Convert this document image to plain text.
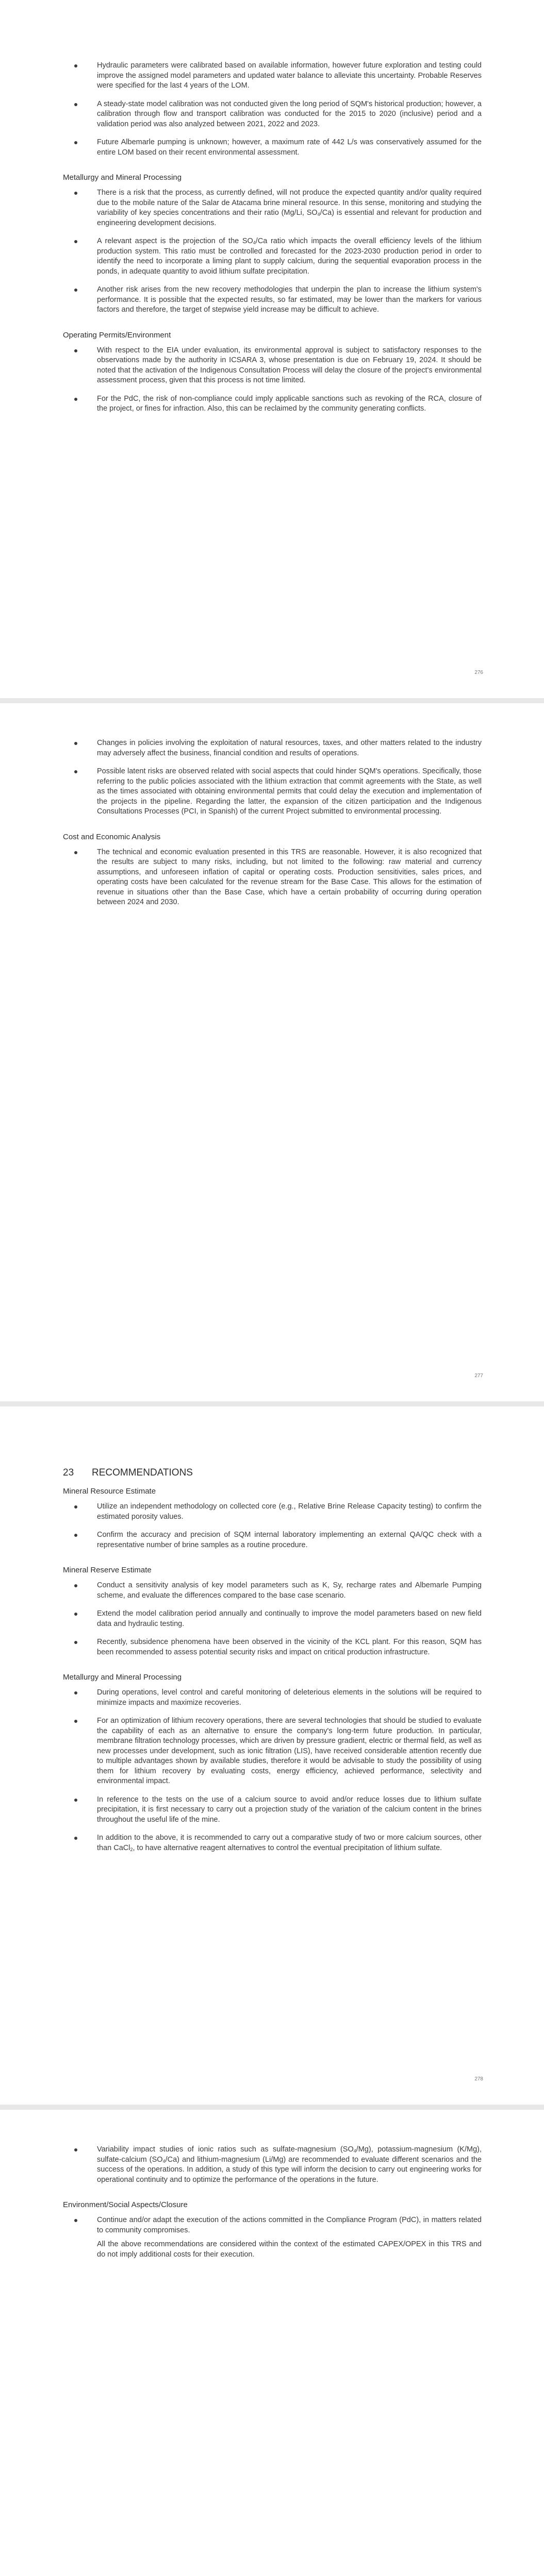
Hydraulic parameters were calibrated based on available information, however future exploration and testing could improve the assigned model parameters and updated water balance to alleviate this uncertainty. Probable Reserves were specified for the last 4 years of the LOM.
A steady-state model calibration was not conducted given the long period of SQM's historical production; however, a calibration through flow and transport calibration was conducted for the 2015 to 2020 (inclusive) period and a validation period was also analyzed between 2021, 2022 and 2023.
Future Albemarle pumping is unknown; however, a maximum rate of 442 L/s was conservatively assumed for the entire LOM based on their recent environmental assessment.
Metallurgy and Mineral Processing
There is a risk that the process, as currently defined, will not produce the expected quantity and/or quality required due to the mobile nature of the Salar de Atacama brine mineral resource. In this sense, monitoring and studying the variability of key species concentrations and their ratio (Mg/Li, $SO_4/Ca$) is essential and relevant for production and engineering development decisions.
A relevant aspect is the projection of the $SO_4/Ca$ ratio which impacts the overall efficiency levels of the lithium production system. This ratio must be controlled and forecasted for the 2023-2030 production period in order to identify the need to incorporate a liming plant to supply calcium, during the sequential evaporation process in the ponds, in adequate quantity to avoid lithium sulfate precipitation.
Another risk arises from the new recovery methodologies that underpin the plan to increase the lithium system's performance. It is possible that the expected results, so far estimated, may be lower than the markers for various factors and therefore, the target of stepwise yield increase may be difficult to achieve.
Operating Permits/Environment
With respect to the EIA under evaluation, its environmental approval is subject to satisfactory responses to the observations made by the authority in ICSARA 3, whose presentation is due on February 19, 2024. It should be noted that the activation of the Indigenous Consultation Process will delay the closure of the project's environmental assessment process, given that this process is not time limited.
For the PdC, the risk of non-compliance could imply applicable sanctions such as revoking of the RCA, closure of the project, or fines for infraction. Also, this can be reclaimed by the community generating conflicts.
276
Changes in policies involving the exploitation of natural resources, taxes, and other matters related to the industry may adversely affect the business, financial condition and results of operations.
Possible latent risks are observed related with social aspects that could hinder SQM's operations. Specifically, those referring to the public policies associated with the lithium extraction that commit agreements with the State, as well as the times associated with obtaining environmental permits that could delay the execution and implementation of the projects in the pipeline. Regarding the latter, the expansion of the citizen participation and the Indigenous Consultations Processes (PCI, in Spanish) of the current Project submitted to environmental processing.
Cost and Economic Analysis
The technical and economic evaluation presented in this TRS are reasonable. However, it is also recognized that the results are subject to many risks, including, but not limited to the following: raw material and currency assumptions, and unforeseen inflation of capital or operating costs. Production sensitivities, sales prices, and operating costs have been calculated for the revenue stream for the Base Case. This allows for the estimation of revenue in situations other than the Base Case, which have a certain probability of occurring during operation between 2024 and 2030.
277
23 RECOMMENDATIONS
Mineral Resource Estimate
Utilize an independent methodology on collected core (e.g., Relative Brine Release Capacity testing) to confirm the estimated porosity values.
Confirm the accuracy and precision of SQM internal laboratory implementing an external QA/QC check with a representative number of brine samples as a routine procedure.
Mineral Reserve Estimate
Conduct a sensitivity analysis of key model parameters such as K, Sy, recharge rates and Albemarle Pumping scheme, and evaluate the differences compared to the base case scenario.
Extend the model calibration period annually and continually to improve the model parameters based on new field data and hydraulic testing.
Recently, subsidence phenomena have been observed in the vicinity of the KCL plant. For this reason, SQM has been recommended to assess potential security risks and impact on critical production infrastructure.
Metallurgy and Mineral Processing
During operations, level control and careful monitoring of deleterious elements in the solutions will be required to minimize impacts and maximize recoveries.
For an optimization of lithium recovery operations, there are several technologies that should be studied to evaluate the capability of each as an alternative to ensure the company's long-term future production. In particular, membrane filtration technology processes, which are driven by pressure gradient, electric or thermal field, as well as new processes under development, such as ionic filtration (LIS), have received considerable attention recently due to multiple advantages shown by available studies, therefore it would be advisable to study the possibility of using them for lithium recovery by evaluating costs, energy efficiency, achieved performance, selectivity and environmental impact.
In reference to the tests on the use of a calcium source to avoid and/or reduce losses due to lithium sulfate precipitation, it is first necessary to carry out a projection study of the variation of the calcium content in the brines throughout the useful life of the mine.
In addition to the above, it is recommended to carry out a comparative study of two or more calcium sources, other than CaCl$_2$, to have alternative reagent alternatives to control the eventual precipitation of lithium sulfate.
278
Variability impact studies of ionic ratios such as sulfate-magnesium $(SO_4/Mg)$, potassium-magnesium (K/Mg), sulfate-calcium $(SO_4/Ca)$ and lithium-magnesium (Li/Mg) are recommended to evaluate different scenarios and the success of the operations. In addition, a study of this type will inform the decision to carry out engineering works for operational continuity and to optimize the performance of the operations in the future.
Environment/Social Aspects/Closure
Continue and/or adapt the execution of the actions committed in the Compliance Program (PdC), in matters related to community compromises.

All the above recommendations are considered within the context of the estimated CAPEX/OPEX in this TRS and do not imply additional costs for their execution.
